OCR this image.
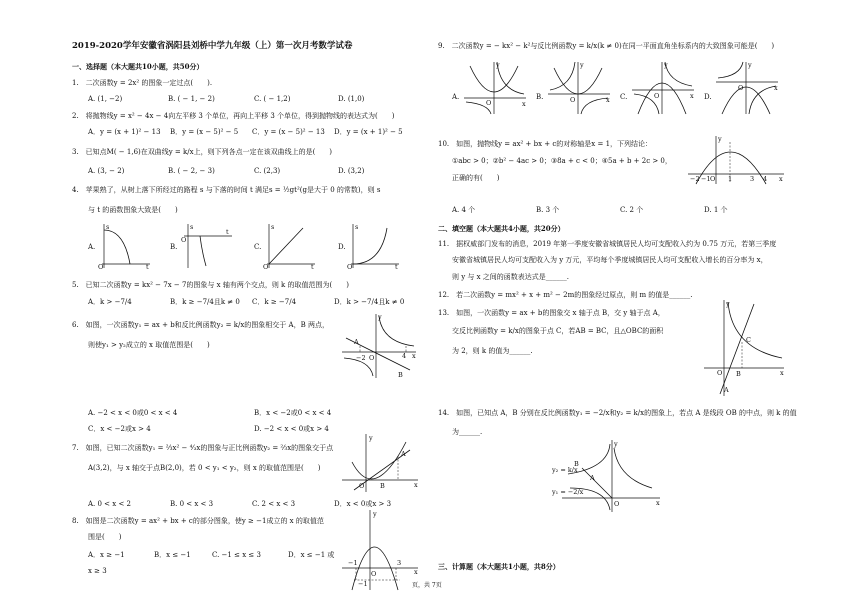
2019-2020学年安徽省涡阳县刘桥中学九年级（上）第一次月考数学试卷
一、选择题（本大题共10小题，共50分）
1.　二次函数y = 2x² 的图象一定过点(　　).
A. (1, −2)	B. ( − 1, − 2)	C. ( − 1,2)	D. (1,0)
2.　将抛物线y = x² − 4x − 4向左平移 3 个单位，再向上平移 3 个单位，得到抛物线的表达式为(　　)
A．y = (x + 1)² − 13 B．y = (x − 5)² − 5 C．y = (x − 5)² − 13 D．y = (x + 1)² − 5
3.　已知点M( − 1,6)在双曲线y = k/x上，则下列各点一定在该双曲线上的是(　　)
A. (3, − 2)	B. ( − 2, − 3)	C. (2,3)	D. (3,2)
4.　苹果熟了，从树上落下所经过的路程 s 与下落的时间 t 满足s = ½gt²(g是大于 0 的常数)，则 s
与 t 的函数图象大致是(　　)
A.	B.	C.	D.
s
t
O
s
t
O
s
t
O
s
t
O
5.　已知二次函数y = kx² − 7x − 7的图象与 x 轴有两个交点，则 k 的取值范围为(　　)
A．k > −7/4	B．k ≥ −7/4且k ≠ 0 C．k ≥ −7/4	D．k > −7/4且k ≠ 0
6.　如图，一次函数y₁ = ax + b和反比例函数y₂ = k/x的图象相交于 A，B 两点，
则使y₁ > y₂成立的 x 取值范围是(　　)
y
x
A
B
4
−2 O
A. −2 < x < 0或0 < x < 4	B．x < −2或0 < x < 4
C．x < −2或x > 4	D. −2 < x < 0或x > 4
7.　如图，已知二次函数y₁ = ⅔x² − ⁴⁄₃x的图象与正比例函数y₂ = ⅔x的图象交于点
A(3,2)，与 x 轴交于点B(2,0)，若 0 < y₁ < y₂，则 x 的取值范围是(　　)
y
x
A
B
O
A. 0 < x < 2	B. 0 < x < 3	C. 2 < x < 3	D．x < 0或x > 3
8.　如图是二次函数y = ax² + bx + c的部分图象，使y ≥ −1成立的 x 的取值范
围是(　　)
y
x
−1	3
−1
O
A．x ≥ −1	B．x ≤ −1	C. −1 ≤ x ≤ 3	D．x ≤ −1 或
x ≥ 3
9.　二次函数y = − kx² − k²与反比例函数y = k/x(k ≠ 0)在同一平面直角坐标系内的大致图象可能是(　　)
A.	B.	C.	D.
y
x
O
y
x
O
y
x
O
y
x
O
10.　如图，抛物线y = ax² + bx + c的对称轴是x = 1，下列结论：
①abc > 0；②b² − 4ac > 0；③8a + c < 0；④5a + b + 2c > 0，
正确的有(　　)
y
x
−2 −1 O 1	3 4
A. 4 个	B. 3 个	C. 2 个	D. 1 个
二、填空题（本大题共4小题，共20分）
11.　据权威部门发布的消息，2019 年第一季度安徽省城镇居民人均可支配收入约为 0.75 万元，若第三季度
安徽省城镇居民人均可支配收入为 y 万元，平均每个季度城镇居民人均可支配收入增长的百分率为 x，
则 y 与 x 之间的函数表达式是______.
12.　若二次函数y = mx² + x + m² − 2m的图象经过原点，则 m 的值是______.
13.　如图，一次函数y = ax + b的图象交 x 轴于点 B，交 y 轴于点 A，
交反比例函数y = k/x的图象于点 C，若AB = BC，且△OBC的面积
为 2，则 k 的值为______.
y
x
C
B
O
A
14.　如图，已知点 A，B 分别在反比例函数y₁ = −2/x和y₂ = k/x的图象上，若点 A 是线段 OB 的中点，则 k 的值
为______.
y₂ = k/x
y₁ = −2/x
B
A
y
x
O
三、计算题（本大题共1小题，共8分）
页，共 7页
